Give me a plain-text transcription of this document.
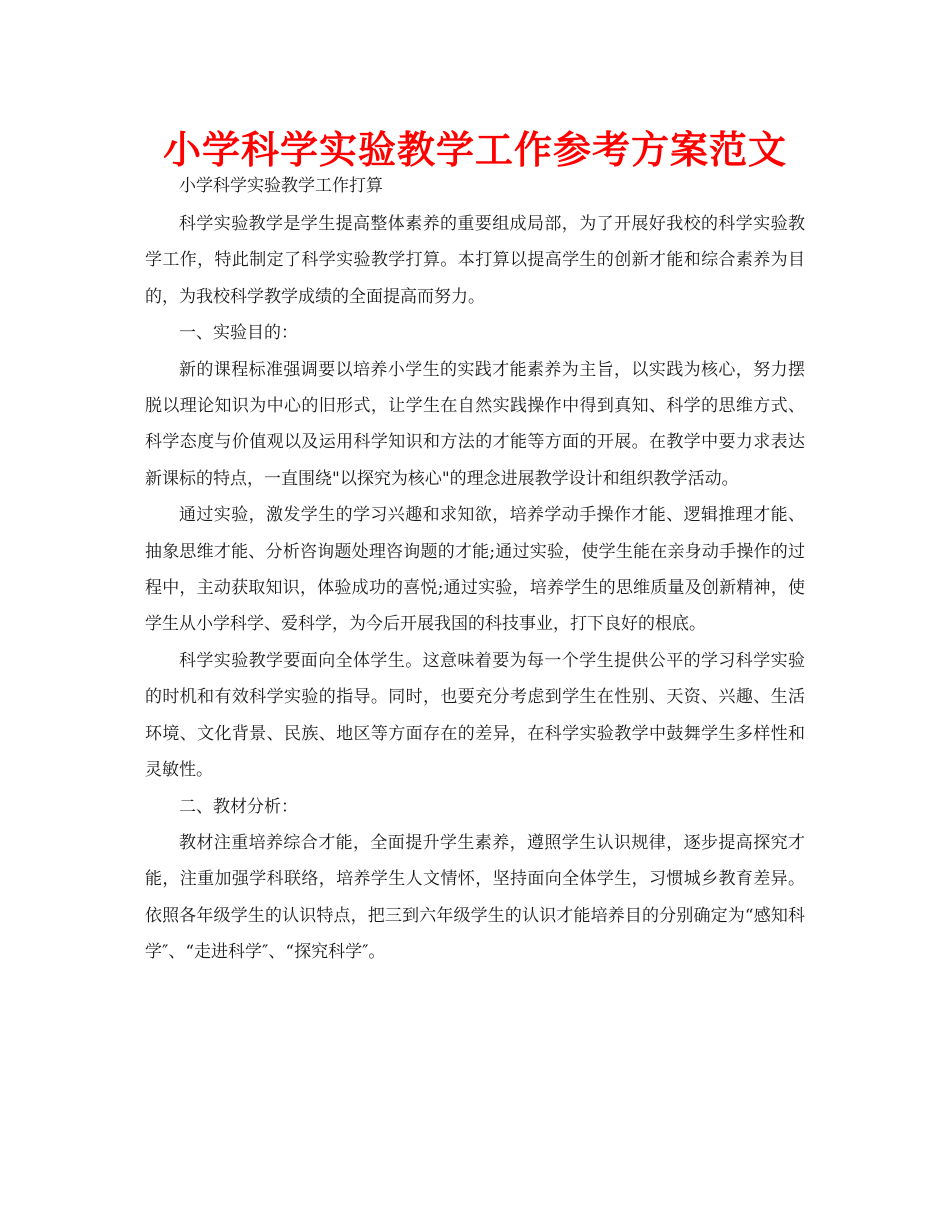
小学科学实验教学工作参考方案范文

小学科学实验教学工作打算

科学实验教学是学生提高整体素养的重要组成局部，为了开展好我校的科学实验教学工作，特此制定了科学实验教学打算。本打算以提高学生的创新才能和综合素养为目的，为我校科学教学成绩的全面提高而努力。

一、实验目的：

新的课程标准强调要以培养小学生的实践才能素养为主旨，以实践为核心，努力摆脱以理论知识为中心的旧形式，让学生在自然实践操作中得到真知、科学的思维方式、科学态度与价值观以及运用科学知识和方法的才能等方面的开展。在教学中要力求表达新课标的特点，一直围绕"以探究为核心"的理念进展教学设计和组织教学活动。

通过实验，激发学生的学习兴趣和求知欲，培养学动手操作才能、逻辑推理才能、抽象思维才能、分析咨询题处理咨询题的才能;通过实验，使学生能在亲身动手操作的过程中，主动获取知识，体验成功的喜悦;通过实验，培养学生的思维质量及创新精神，使学生从小学科学、爱科学，为今后开展我国的科技事业，打下良好的根底。

科学实验教学要面向全体学生。这意味着要为每一个学生提供公平的学习科学实验的时机和有效科学实验的指导。同时，也要充分考虑到学生在性别、天资、兴趣、生活环境、文化背景、民族、地区等方面存在的差异，在科学实验教学中鼓舞学生多样性和灵敏性。

二、教材分析：

教材注重培养综合才能，全面提升学生素养，遵照学生认识规律，逐步提高探究才能，注重加强学科联络，培养学生人文情怀，坚持面向全体学生，习惯城乡教育差异。依照各年级学生的认识特点，把三到六年级学生的认识才能培养目的分别确定为“感知科学″、“走进科学″、“探究科学″。
